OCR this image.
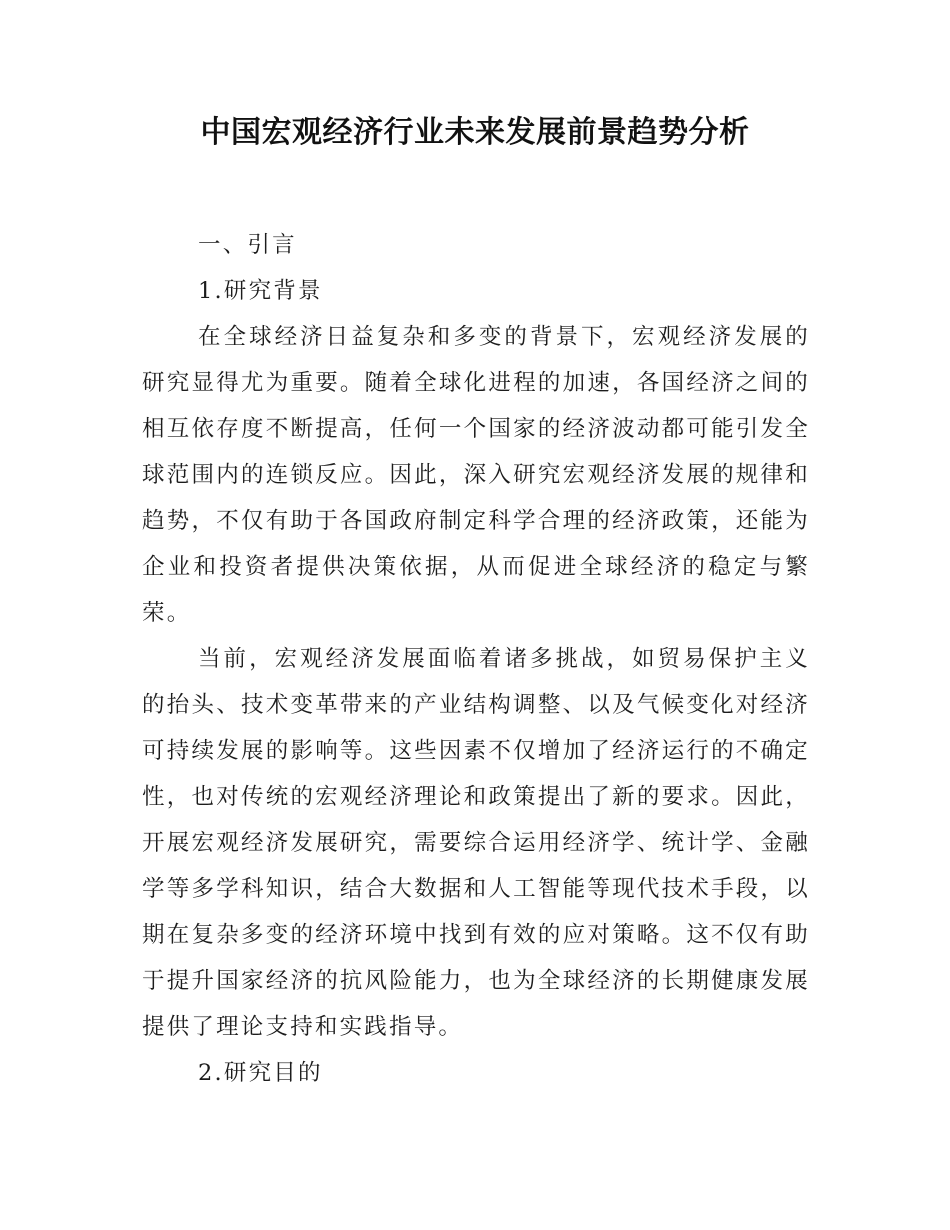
中国宏观经济行业未来发展前景趋势分析

一、引言

1.研究背景

在全球经济日益复杂和多变的背景下，宏观经济发展的研究显得尤为重要。随着全球化进程的加速，各国经济之间的相互依存度不断提高，任何一个国家的经济波动都可能引发全球范围内的连锁反应。因此，深入研究宏观经济发展的规律和趋势，不仅有助于各国政府制定科学合理的经济政策，还能为企业和投资者提供决策依据，从而促进全球经济的稳定与繁荣。

当前，宏观经济发展面临着诸多挑战，如贸易保护主义的抬头、技术变革带来的产业结构调整、以及气候变化对经济可持续发展的影响等。这些因素不仅增加了经济运行的不确定性，也对传统的宏观经济理论和政策提出了新的要求。因此，开展宏观经济发展研究，需要综合运用经济学、统计学、金融学等多学科知识，结合大数据和人工智能等现代技术手段，以期在复杂多变的经济环境中找到有效的应对策略。这不仅有助于提升国家经济的抗风险能力，也为全球经济的长期健康发展提供了理论支持和实践指导。

2.研究目的
